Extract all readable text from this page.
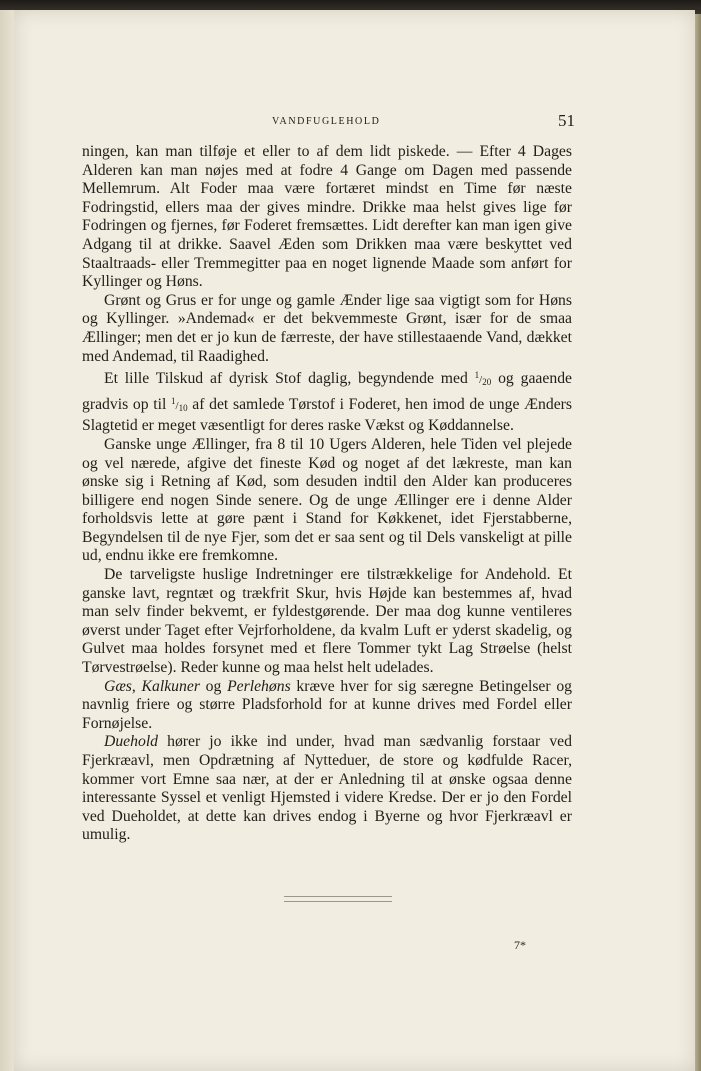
VANDFUGLEHOLD	51

ningen, kan man tilføje et eller to af dem lidt piskede. — Efter 4 Dages Alderen kan man nøjes med at fodre 4 Gange om Dagen med passende Mellemrum. Alt Foder maa være fortæret mindst en Time før næste Fodringstid, ellers maa der gives mindre. Drikke maa helst gives lige før Fodringen og fjernes, før Foderet fremsættes. Lidt derefter kan man igen give Adgang til at drikke. Saavel Æden som Drikken maa være beskyttet ved Staaltraads- eller Tremmegitter paa en noget lignende Maade som anført for Kyllinger og Høns.

Grønt og Grus er for unge og gamle Ænder lige saa vigtigt som for Høns og Kyllinger. »Andemad« er det bekvemmeste Grønt, især for de smaa Ællinger; men det er jo kun de færreste, der have stillestaaende Vand, dækket med Andemad, til Raadighed.

Et lille Tilskud af dyrisk Stof daglig, begyndende med $^1/_{20}$ og gaaende gradvis op til $^1/_{10}$ af det samlede Tørstof i Foderet, hen imod de unge Ænders Slagtetid er meget væsentligt for deres raske Vækst og Køddannelse.

Ganske unge Ællinger, fra 8 til 10 Ugers Alderen, hele Tiden vel plejede og vel nærede, afgive det fineste Kød og noget af det lækreste, man kan ønske sig i Retning af Kød, som desuden indtil den Alder kan produceres billigere end nogen Sinde senere. Og de unge Ællinger ere i denne Alder forholdsvis lette at gøre pænt i Stand for Køkkenet, idet Fjerstabberne, Begyndelsen til de nye Fjer, som det er saa sent og til Dels vanskeligt at pille ud, endnu ikke ere fremkomne.

De tarveligste huslige Indretninger ere tilstrækkelige for Andehold. Et ganske lavt, regntæt og trækfrit Skur, hvis Højde kan bestemmes af, hvad man selv finder bekvemt, er fyldestgørende. Der maa dog kunne ventileres øverst under Taget efter Vejrforholdene, da kvalm Luft er yderst skadelig, og Gulvet maa holdes forsynet med et flere Tommer tykt Lag Strøelse (helst Tørvestrøelse). Reder kunne og maa helst helt udelades.

Gæs, Kalkuner og Perlehøns kræve hver for sig særegne Betingelser og navnlig friere og større Pladsforhold for at kunne drives med Fordel eller Fornøjelse.

Duehold hører jo ikke ind under, hvad man sædvanlig forstaar ved Fjerkræavl, men Opdrætning af Nytteduer, de store og kødfulde Racer, kommer vort Emne saa nær, at der er Anledning til at ønske ogsaa denne interessante Syssel et venligt Hjemsted i videre Kredse. Der er jo den Fordel ved Dueholdet, at dette kan drives endog i Byerne og hvor Fjerkræavl er umulig.

7*
